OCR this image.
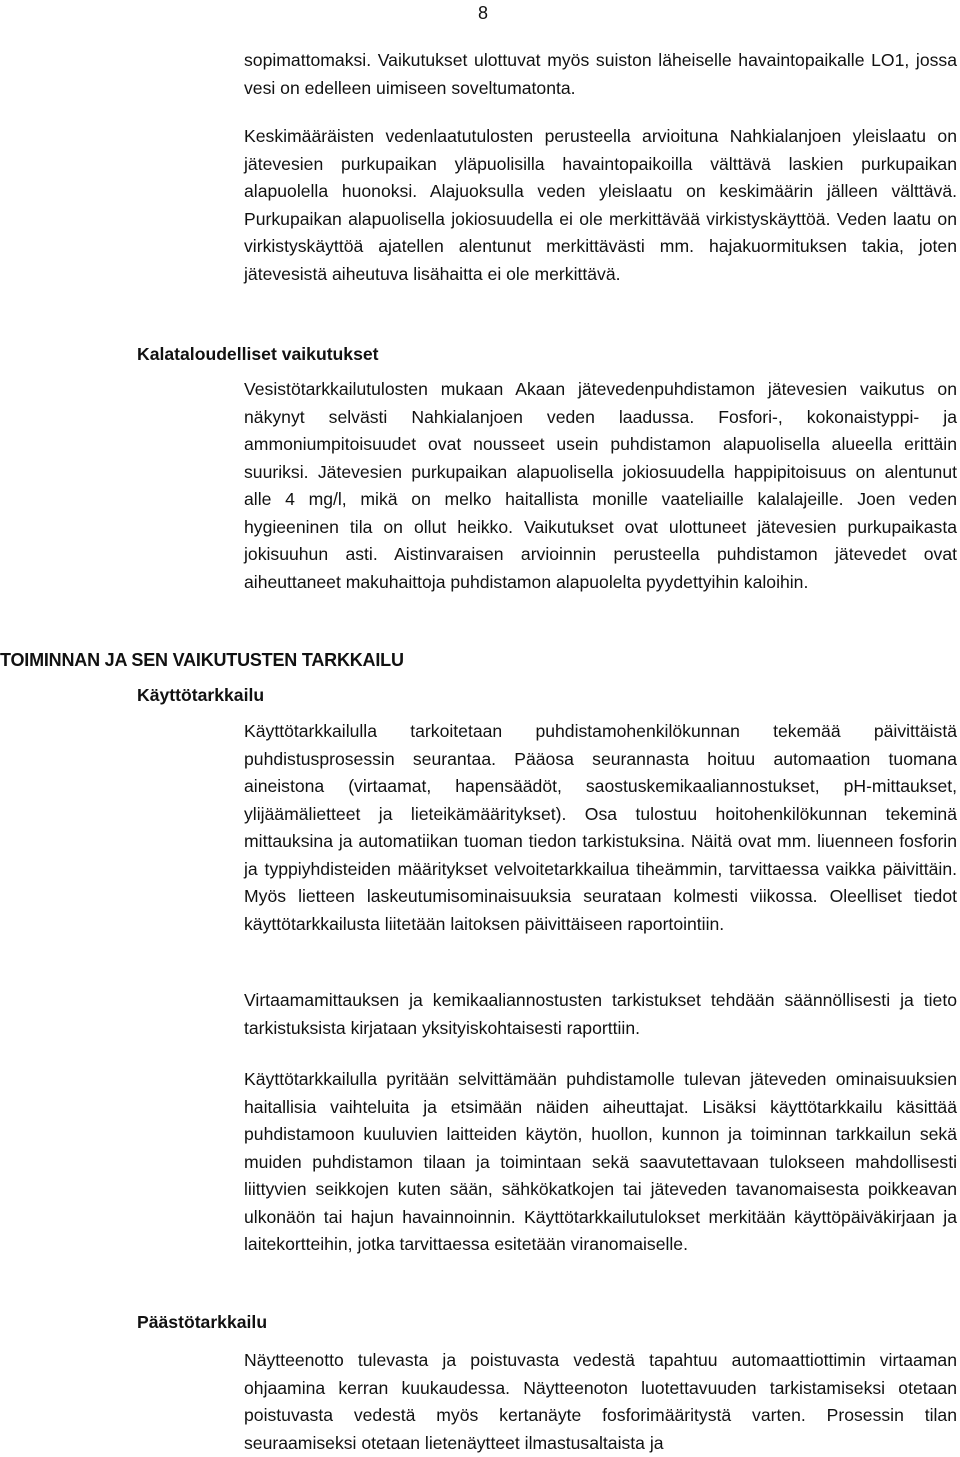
8

sopimattomaksi. Vaikutukset ulottuvat myös suiston läheiselle havaintopaikalle LO1, jossa vesi on edelleen uimiseen soveltumatonta.

Keskimääräisten vedenlaatutulosten perusteella arvioituna Nahkialanjoen yleislaatu on jätevesien purkupaikan yläpuolisilla havaintopaikoilla välttävä laskien purkupaikan alapuolella huonoksi. Alajuoksulla veden yleislaatu on keskimäärin jälleen välttävä. Purkupaikan alapuolisella jokiosuudella ei ole merkittävää virkistyskäyttöä. Veden laatu on virkistyskäyttöä ajatellen alentunut merkittävästi mm. hajakuormituksen takia, joten jätevesistä aiheutuva lisähaitta ei ole merkittävä.

Kalataloudelliset vaikutukset

Vesistötarkkailutulosten mukaan Akaan jätevedenpuhdistamon jätevesien vaikutus on näkynyt selvästi Nahkialanjoen veden laadussa. Fosfori-, kokonaistyppi- ja ammoniumpitoisuudet ovat nousseet usein puhdistamon alapuolisella alueella erittäin suuriksi. Jätevesien purkupaikan alapuolisella jokiosuudella happipitoisuus on alentunut alle 4 mg/l, mikä on melko haitallista monille vaateliaille kalalajeille. Joen veden hygieeninen tila on ollut heikko. Vaikutukset ovat ulottuneet jätevesien purkupaikasta jokisuuhun asti. Aistinvaraisen arvioinnin perusteella puhdistamon jätevedet ovat aiheuttaneet makuhaittoja puhdistamon alapuolelta pyydettyihin kaloihin.

TOIMINNAN JA SEN VAIKUTUSTEN TARKKAILU
Käyttötarkkailu

Käyttötarkkailulla tarkoitetaan puhdistamohenkilökunnan tekemää päivittäistä puhdistusprosessin seurantaa. Pääosa seurannasta hoituu automaation tuomana aineistona (virtaamat, hapensäädöt, saostuskemikaaliannostukset, pH-mittaukset, ylijäämälietteet ja lieteikämääritykset). Osa tulostuu hoitohenkilökunnan tekeminä mittauksina ja automatiikan tuoman tiedon tarkistuksina. Näitä ovat mm. liuenneen fosforin ja typpiyhdisteiden määritykset velvoitetarkkailua tiheämmin, tarvittaessa vaikka päivittäin. Myös lietteen laskeutumisominaisuuksia seurataan kolmesti viikossa. Oleelliset tiedot käyttötarkkailusta liitetään laitoksen päivittäiseen raportointiin.

Virtaamamittauksen ja kemikaaliannostusten tarkistukset tehdään säännöllisesti ja tieto tarkistuksista kirjataan yksityiskohtaisesti raporttiin.

Käyttötarkkailulla pyritään selvittämään puhdistamolle tulevan jäteveden ominaisuuksien haitallisia vaihteluita ja etsimään näiden aiheuttajat. Lisäksi käyttötarkkailu käsittää puhdistamoon kuuluvien laitteiden käytön, huollon, kunnon ja toiminnan tarkkailun sekä muiden puhdistamon tilaan ja toimintaan sekä saavutettavaan tulokseen mahdollisesti liittyvien seikkojen kuten sään, sähkökatkojen tai jäteveden tavanomaisesta poikkeavan ulkonäön tai hajun havainnoinnin. Käyttötarkkailutulokset merkitään käyttöpäiväkirjaan ja laitekortteihin, jotka tarvittaessa esitetään viranomaiselle.

Päästötarkkailu

Näytteenotto tulevasta ja poistuvasta vedestä tapahtuu automaattiottimin virtaaman ohjaamina kerran kuukaudessa. Näytteenoton luotettavuuden tarkistamiseksi otetaan poistuvasta vedestä myös kertanäyte fosforimääritystä varten. Prosessin tilan seuraamiseksi otetaan lietenäytteet ilmastusaltaista ja
